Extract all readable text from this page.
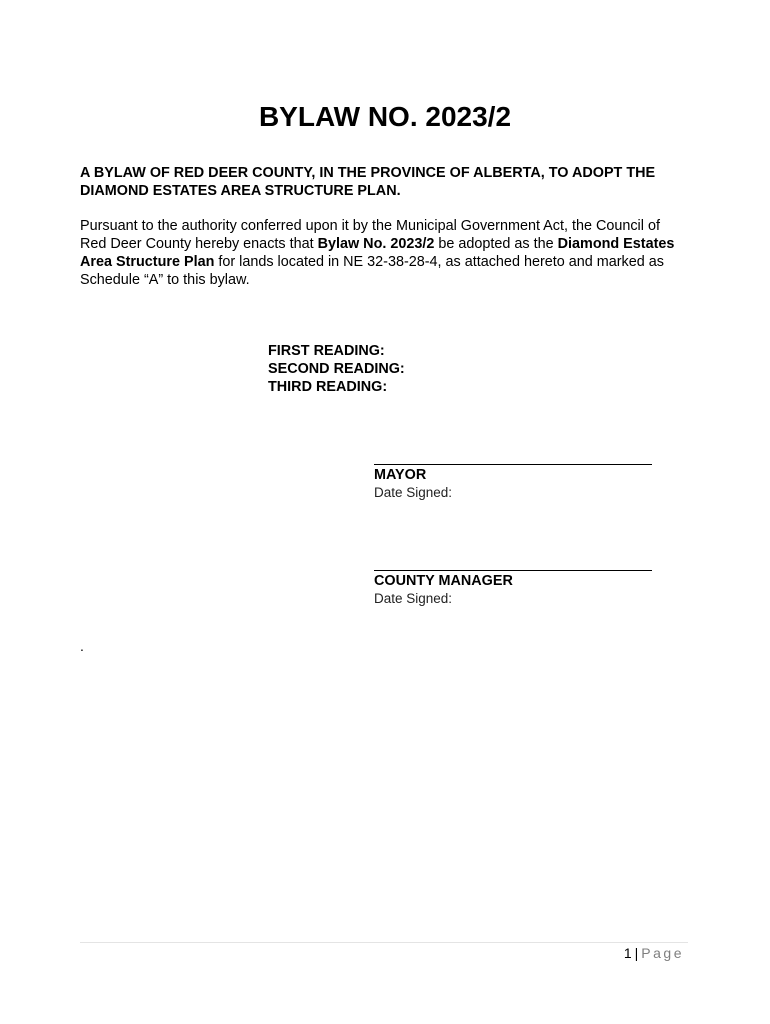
BYLAW NO. 2023/2

A BYLAW OF RED DEER COUNTY, IN THE PROVINCE OF ALBERTA, TO ADOPT THE DIAMOND ESTATES AREA STRUCTURE PLAN.

Pursuant to the authority conferred upon it by the Municipal Government Act, the Council of Red Deer County hereby enacts that Bylaw No. 2023/2 be adopted as the Diamond Estates Area Structure Plan for lands located in NE 32-38-28-4, as attached hereto and marked as Schedule “A” to this bylaw.

FIRST READING:
SECOND READING:
THIRD READING:
MAYOR
Date Signed:
COUNTY MANAGER
Date Signed:
.
1 | Page
